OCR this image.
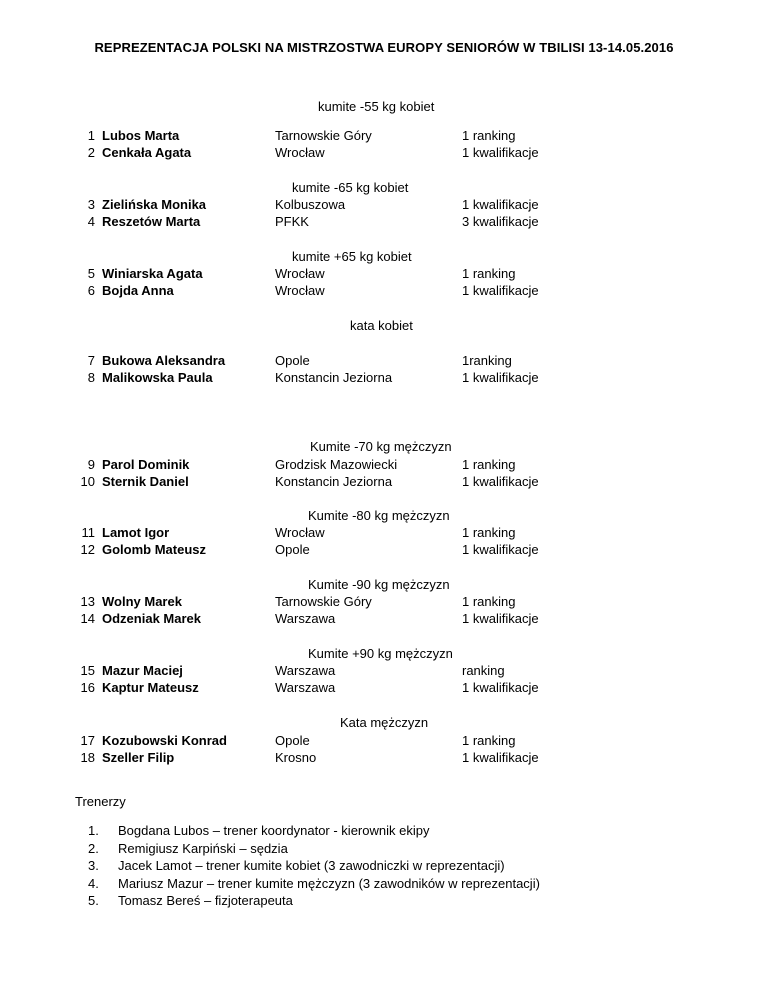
REPREZENTACJA POLSKI NA MISTRZOSTWA EUROPY SENIORÓW W TBILISI 13-14.05.2016
kumite -55 kg kobiet
1 Lubos Marta	Tarnowskie Góry	1 ranking
2 Cenkała Agata	Wrocław	1 kwalifikacje
kumite -65 kg kobiet
3 Zielińska Monika	Kolbuszowa	1 kwalifikacje
4 Reszetów Marta	PFKK	3 kwalifikacje
kumite +65 kg kobiet
5 Winiarska Agata	Wrocław	1 ranking
6 Bojda Anna	Wrocław	1 kwalifikacje
kata kobiet
7 Bukowa Aleksandra	Opole	1ranking
8 Malikowska Paula	Konstancin Jeziorna	1 kwalifikacje
Kumite -70 kg mężczyzn
9 Parol Dominik	Grodzisk Mazowiecki	1 ranking
10 Sternik Daniel	Konstancin Jeziorna	1 kwalifikacje
Kumite -80 kg mężczyzn
11 Lamot Igor	Wrocław	1 ranking
12 Golomb Mateusz	Opole	1 kwalifikacje
Kumite -90 kg mężczyzn
13 Wolny Marek	Tarnowskie Góry	1 ranking
14 Odzeniak Marek	Warszawa	1 kwalifikacje
Kumite +90 kg mężczyzn
15 Mazur Maciej	Warszawa	ranking
16 Kaptur Mateusz	Warszawa	1 kwalifikacje
Kata mężczyzn
17 Kozubowski Konrad	Opole	1 ranking
18 Szeller Filip	Krosno	1 kwalifikacje
Trenerzy
1.	Bogdana Lubos – trener koordynator - kierownik ekipy
2.	Remigiusz Karpiński – sędzia
3.	Jacek Lamot – trener kumite kobiet (3 zawodniczki w reprezentacji)
4.	Mariusz Mazur – trener kumite mężczyzn (3 zawodników w reprezentacji)
5.	Tomasz Bereś – fizjoterapeuta
